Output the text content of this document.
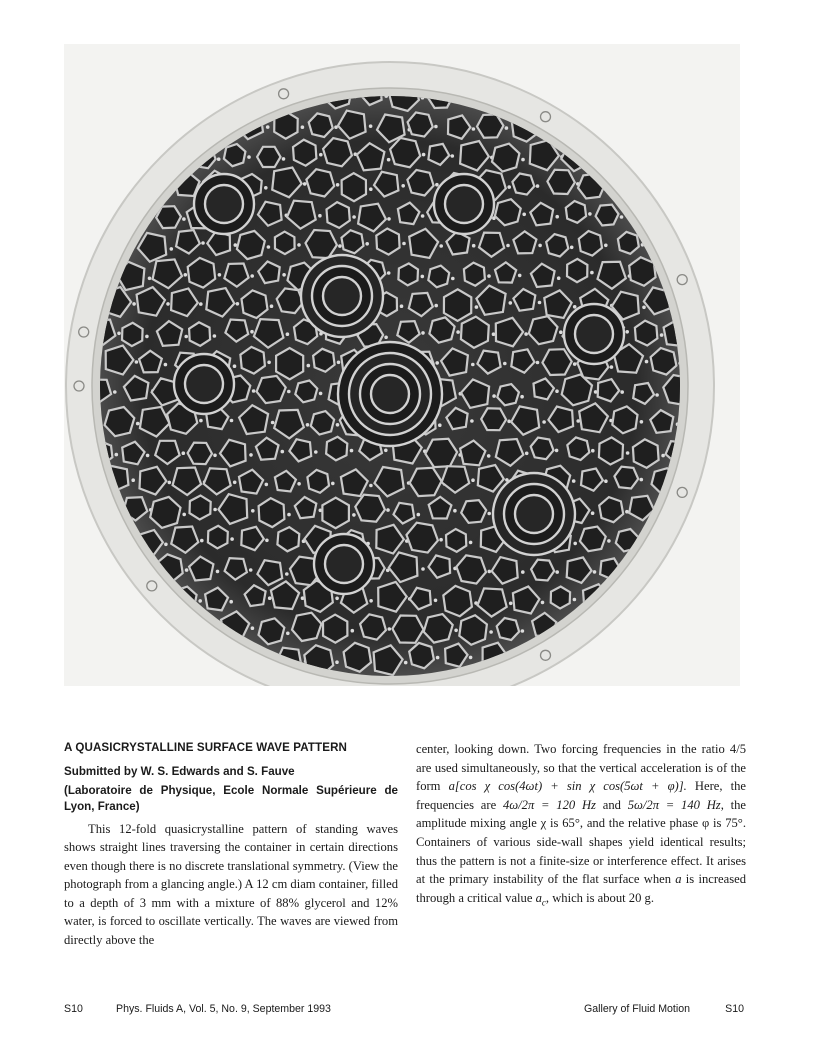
A QUASICRYSTALLINE SURFACE WAVE PATTERN
Submitted by W. S. Edwards and S. Fauve
(Laboratoire de Physique, Ecole Normale Supérieure de Lyon, France)

This 12-fold quasicrystalline pattern of standing waves shows straight lines traversing the container in certain directions even though there is no discrete translational symmetry. (View the photograph from a glancing angle.) A 12 cm diam container, filled to a depth of 3 mm with a mixture of 88% glycerol and 12% water, is forced to oscillate vertically. The waves are viewed from directly above the

center, looking down. Two forcing frequencies in the ratio 4/5 are used simultaneously, so that the vertical acceleration is of the form a[cos χ cos(4ωt) + sin χ cos(5ωt + φ)]. Here, the frequencies are 4ω/2π = 120 Hz and 5ω/2π = 140 Hz, the amplitude mixing angle χ is 65°, and the relative phase φ is 75°. Containers of various side-wall shapes yield identical results; thus the pattern is not a finite-size or interference effect. It arises at the primary instability of the flat surface when a is increased through a critical value $a_c$, which is about 20 g.

S10	Phys. Fluids A, Vol. 5, No. 9, September 1993	Gallery of Fluid Motion	S10
